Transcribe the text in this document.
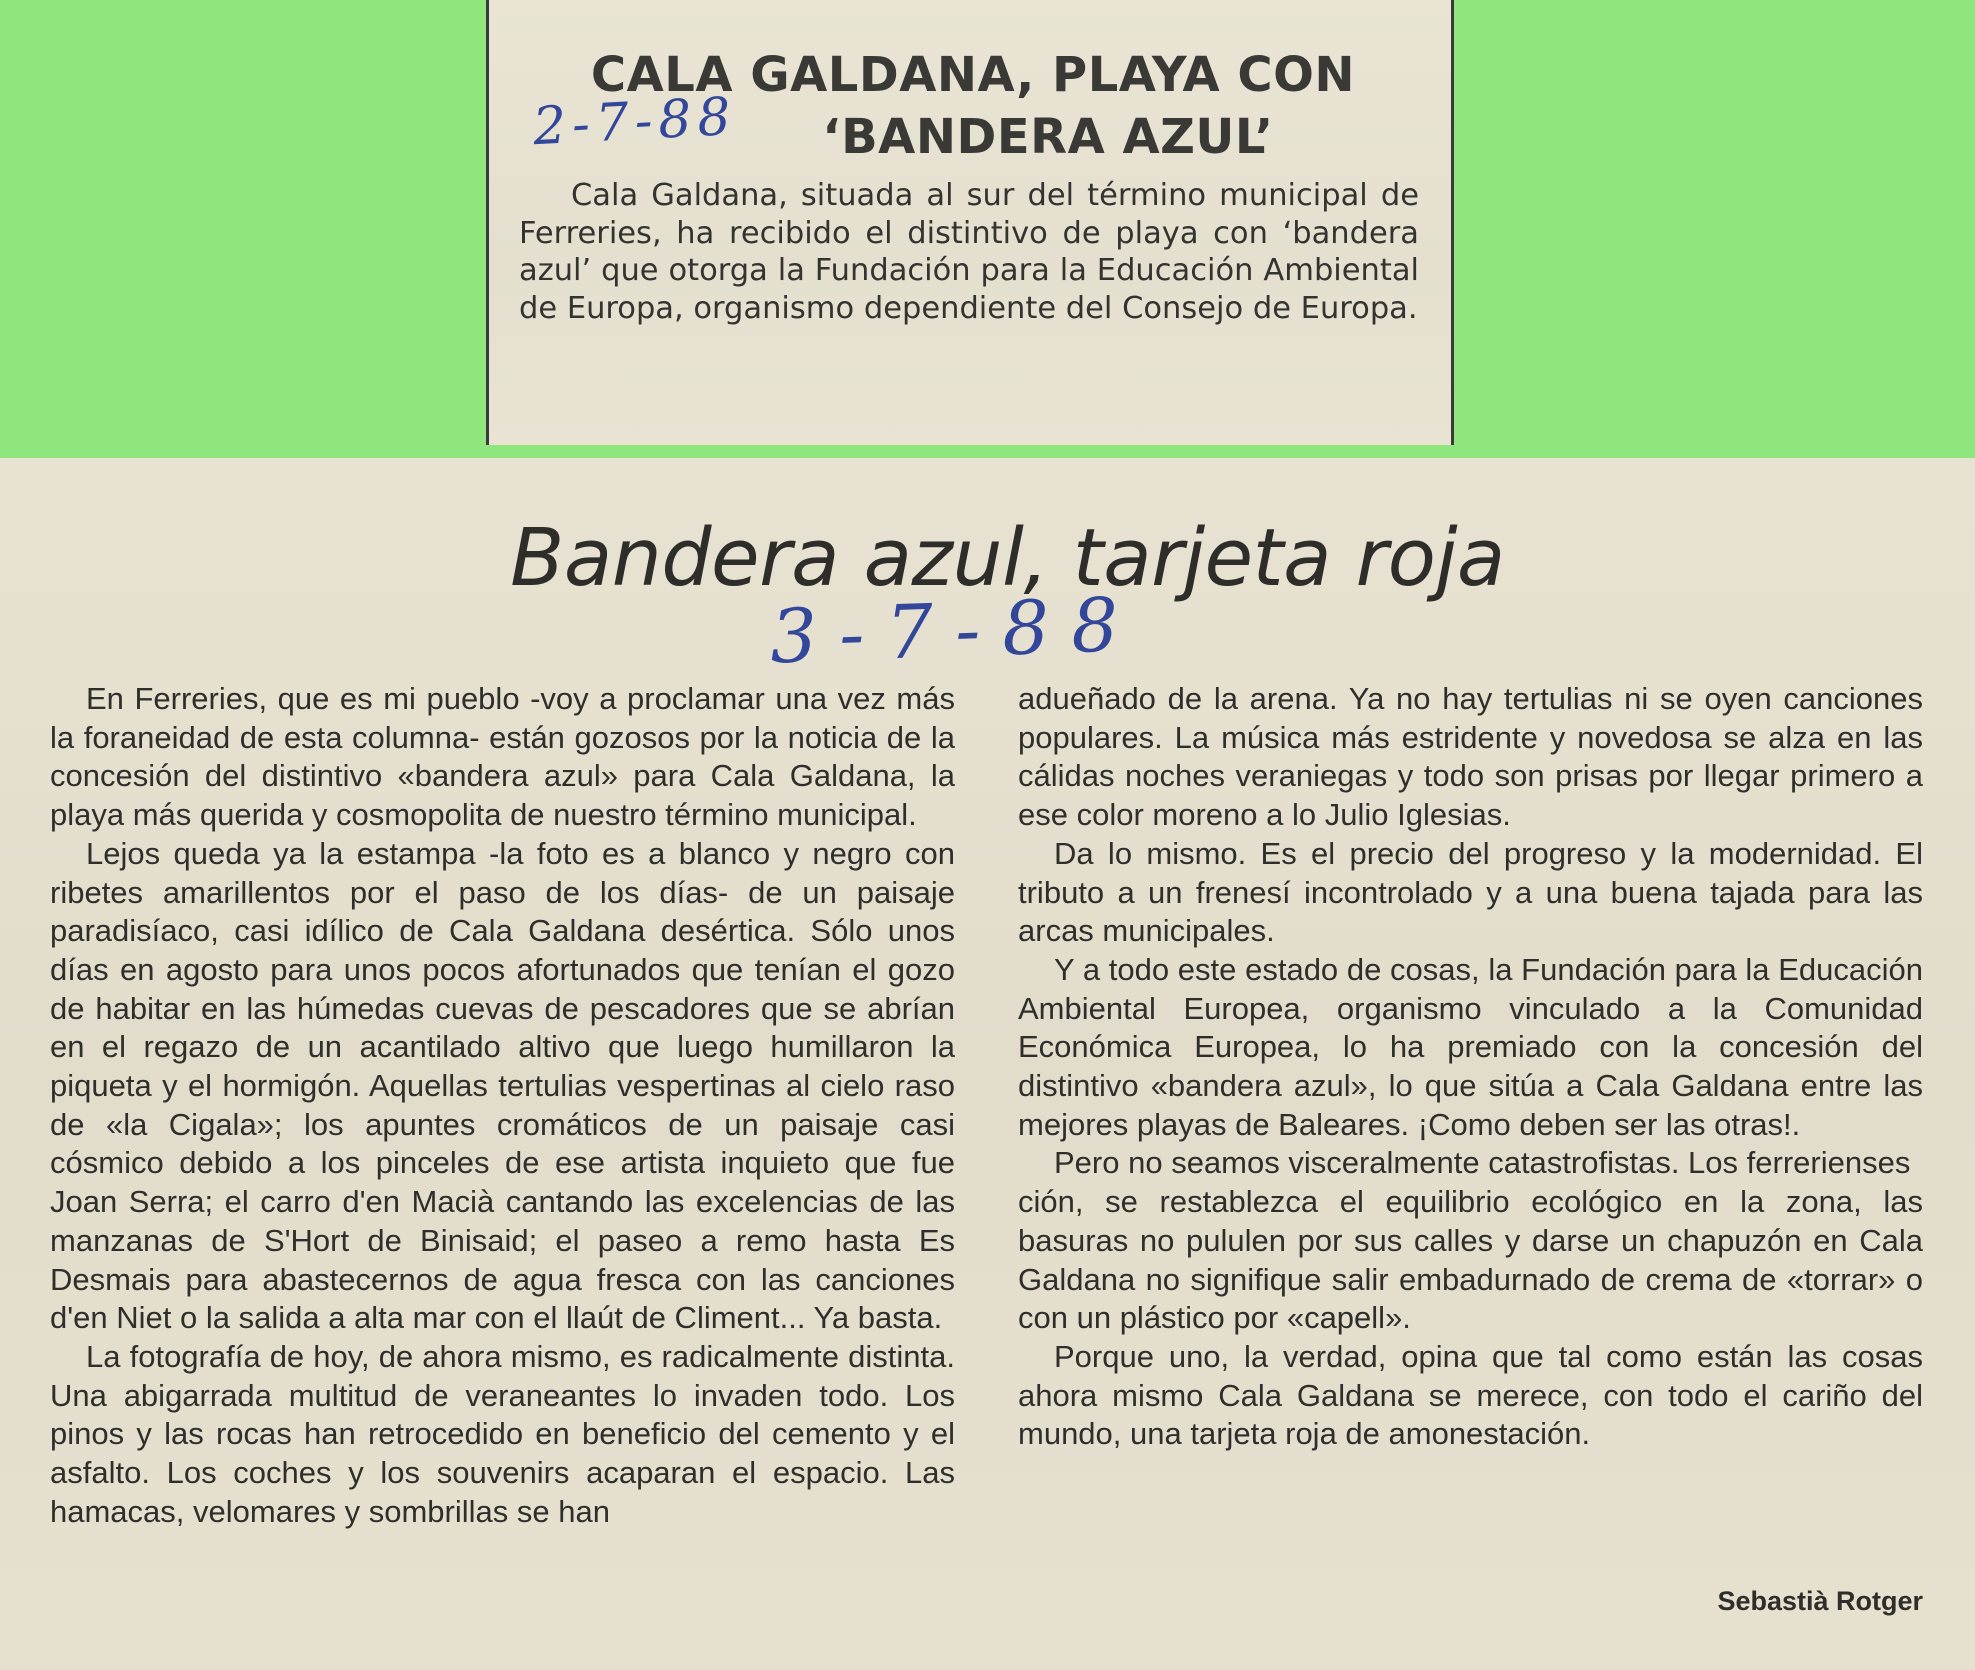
CALA GALDANA, PLAYA CON
‘BANDERA AZUL’
2-7-88

Cala Galdana, situada al sur del término municipal de Ferreries, ha recibido el distintivo de playa con ‘bandera azul’ que otorga la Fundación para la Educación Ambiental de Europa, organismo dependiente del Consejo de Europa.

Bandera azul, tarjeta roja
3-7-88

En Ferreries, que es mi pueblo -voy a proclamar una vez más la foraneidad de esta columna- están gozosos por la noticia de la concesión del distintivo «bandera azul» para Cala Galdana, la playa más querida y cosmopolita de nuestro término municipal.

Lejos queda ya la estampa -la foto es a blanco y negro con ribetes amarillentos por el paso de los días- de un paisaje paradisíaco, casi idílico de Cala Galdana desértica. Sólo unos días en agosto para unos pocos afortunados que tenían el gozo de habitar en las húmedas cuevas de pescadores que se abrían en el regazo de un acantilado altivo que luego humillaron la piqueta y el hormigón. Aquellas tertulias vespertinas al cielo raso de «la Cigala»; los apuntes cromáticos de un paisaje casi cósmico debido a los pinceles de ese artista inquieto que fue Joan Serra; el carro d'en Macià cantando las excelencias de las manzanas de S'Hort de Binisaid; el paseo a remo hasta Es Desmais para abastecernos de agua fresca con las canciones d'en Niet o la salida a alta mar con el llaút de Climent... Ya basta.

La fotografía de hoy, de ahora mismo, es radicalmente distinta. Una abigarrada multitud de veraneantes lo invaden todo. Los pinos y las rocas han retrocedido en beneficio del cemento y el asfalto. Los coches y los souvenirs acaparan el espacio. Las hamacas, velomares y sombrillas se han

adueñado de la arena. Ya no hay tertulias ni se oyen canciones populares. La música más estridente y novedosa se alza en las cálidas noches veraniegas y todo son prisas por llegar primero a ese color moreno a lo Julio Iglesias.

Da lo mismo. Es el precio del progreso y la modernidad. El tributo a un frenesí incontrolado y a una buena tajada para las arcas municipales.

Y a todo este estado de cosas, la Fundación para la Educación Ambiental Europea, organismo vinculado a la Comunidad Económica Europea, lo ha premiado con la concesión del distintivo «bandera azul», lo que sitúa a Cala Galdana entre las mejores playas de Baleares. ¡Como deben ser las otras!.

Pero no seamos visceralmente catastrofistas. Los ferrerienses

ción, se restablezca el equilibrio ecológico en la zona, las basuras no pululen por sus calles y darse un chapuzón en Cala Galdana no signifique salir embadurnado de crema de «torrar» o con un plástico por «capell».

Porque uno, la verdad, opina que tal como están las cosas ahora mismo Cala Galdana se merece, con todo el cariño del mundo, una tarjeta roja de amonestación.

Sebastià Rotger
